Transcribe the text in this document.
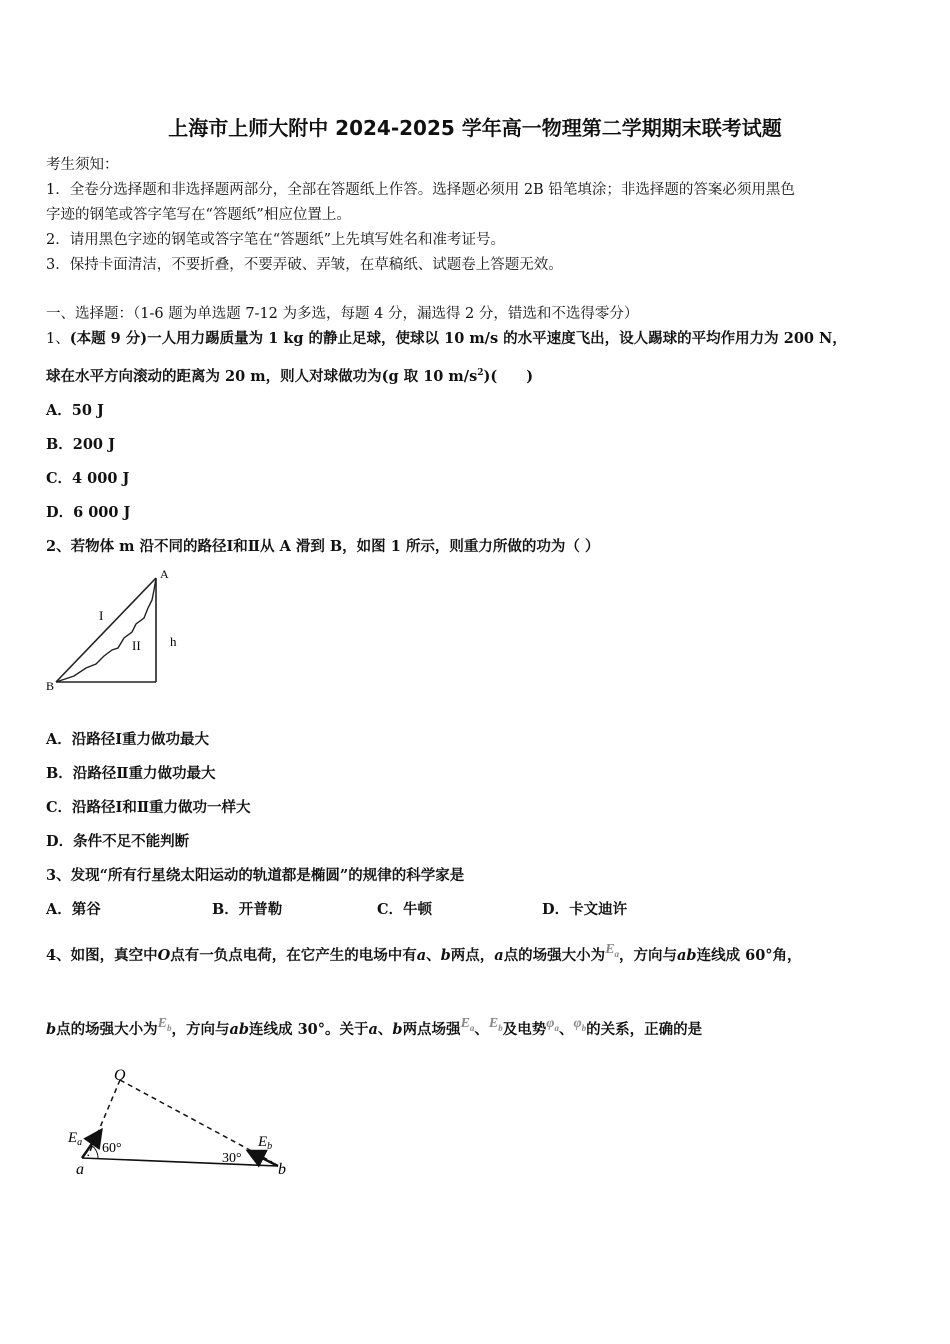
上海市上师大附中 2024-2025 学年高一物理第二学期期末联考试题
考生须知：
1．全卷分选择题和非选择题两部分，全部在答题纸上作答。选择题必须用 2B 铅笔填涂；非选择题的答案必须用黑色
字迹的钢笔或答字笔写在“答题纸”相应位置上。
2．请用黑色字迹的钢笔或答字笔在“答题纸”上先填写姓名和准考证号。
3．保持卡面清洁，不要折叠，不要弄破、弄皱，在草稿纸、试题卷上答题无效。
一、选择题：（1-6 题为单选题 7-12 为多选，每题 4 分，漏选得 2 分，错选和不选得零分）
1、(本题 9 分)一人用力踢质量为 1 kg 的静止足球，使球以 10 m/s 的水平速度飞出，设人踢球的平均作用力为 200 N，
球在水平方向滚动的距离为 20 m，则人对球做功为(g 取 10 $m/s^2$)(　　)
A．50 J
B．200 J
C．4 000 J
D．6 000 J
2、若物体 m 沿不同的路径Ⅰ和Ⅱ从 A 滑到 B，如图 1 所示，则重力所做的功为（ ）
A
B
I
II h
A．沿路径Ⅰ重力做功最大
B．沿路径Ⅱ重力做功最大
C．沿路径Ⅰ和Ⅱ重力做功一样大
D．条件不足不能判断
3、发现“所有行星绕太阳运动的轨道都是椭圆”的规律的科学家是
A．第谷	B．开普勒	C．牛顿	D．卡文迪许
4、如图，真空中O点有一负点电荷，在它产生的电场中有a、b两点，a点的场强大小为$E_a$，方向与ab连线成 60°角，
b点的场强大小为$E_b$，方向与ab连线成 30°。关于a、b两点场强$E_a$、$E_b$及电势$\varphi_a$、$\varphi_b$的关系，正确的是
O
$E_a$ 60°
30°
$E_b$
a	b
